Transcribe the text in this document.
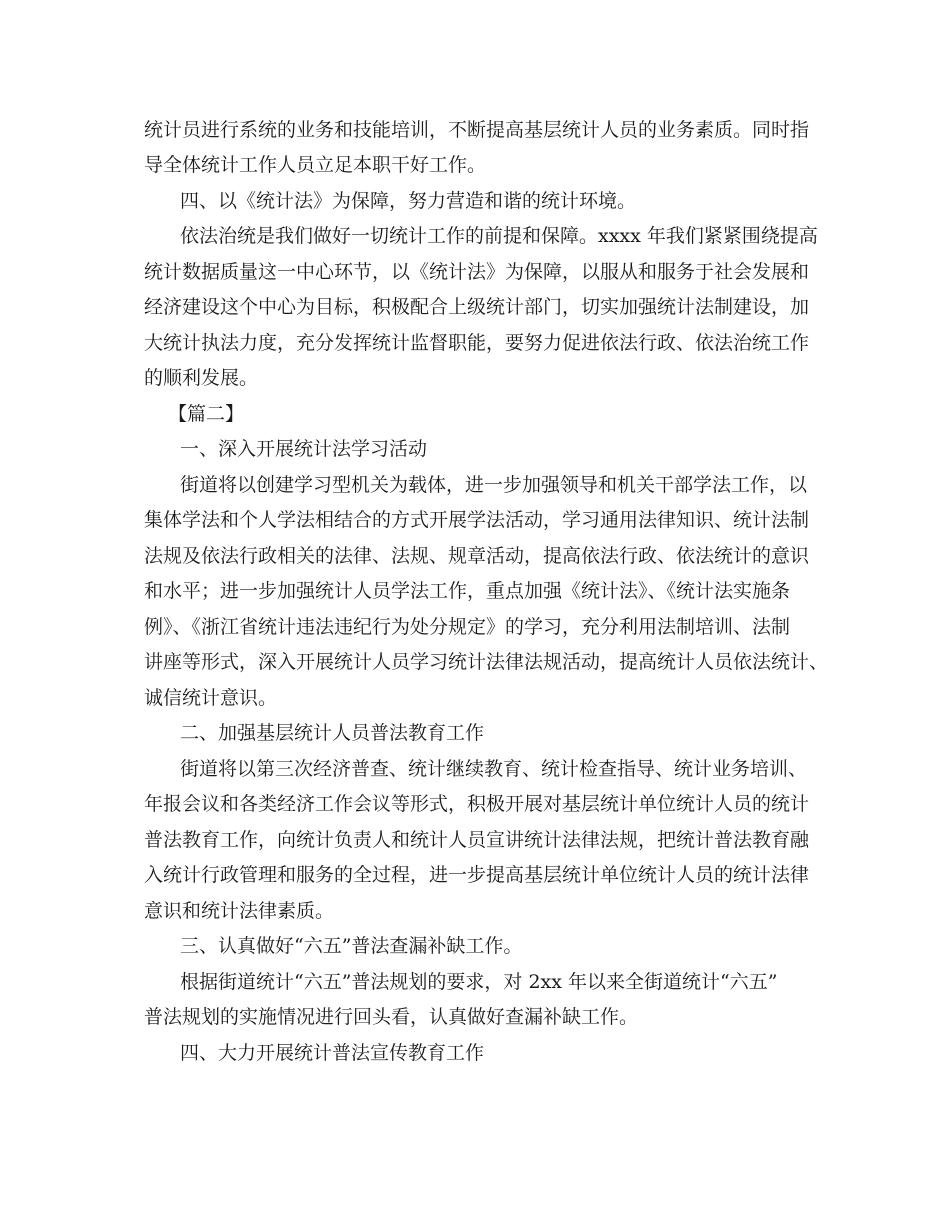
统计员进行系统的业务和技能培训，不断提高基层统计人员的业务素质。同时指
导全体统计工作人员立足本职干好工作。
四、以《统计法》为保障，努力营造和谐的统计环境。
依法治统是我们做好一切统计工作的前提和保障。xxxx 年我们紧紧围绕提高
统计数据质量这一中心环节，以《统计法》为保障，以服从和服务于社会发展和
经济建设这个中心为目标，积极配合上级统计部门，切实加强统计法制建设，加
大统计执法力度，充分发挥统计监督职能，要努力促进依法行政、依法治统工作
的顺利发展。
【篇二】
一、深入开展统计法学习活动
街道将以创建学习型机关为载体，进一步加强领导和机关干部学法工作，以
集体学法和个人学法相结合的方式开展学法活动，学习通用法律知识、统计法制
法规及依法行政相关的法律、法规、规章活动，提高依法行政、依法统计的意识
和水平；进一步加强统计人员学法工作，重点加强《统计法》、《统计法实施条
例》、《浙江省统计违法违纪行为处分规定》的学习，充分利用法制培训、法制
讲座等形式，深入开展统计人员学习统计法律法规活动，提高统计人员依法统计、
诚信统计意识。
二、加强基层统计人员普法教育工作
街道将以第三次经济普查、统计继续教育、统计检查指导、统计业务培训、
年报会议和各类经济工作会议等形式，积极开展对基层统计单位统计人员的统计
普法教育工作，向统计负责人和统计人员宣讲统计法律法规，把统计普法教育融
入统计行政管理和服务的全过程，进一步提高基层统计单位统计人员的统计法律
意识和统计法律素质。
三、认真做好“六五”普法查漏补缺工作。
根据街道统计“六五”普法规划的要求，对 2xx 年以来全街道统计“六五”
普法规划的实施情况进行回头看，认真做好查漏补缺工作。
四、大力开展统计普法宣传教育工作
